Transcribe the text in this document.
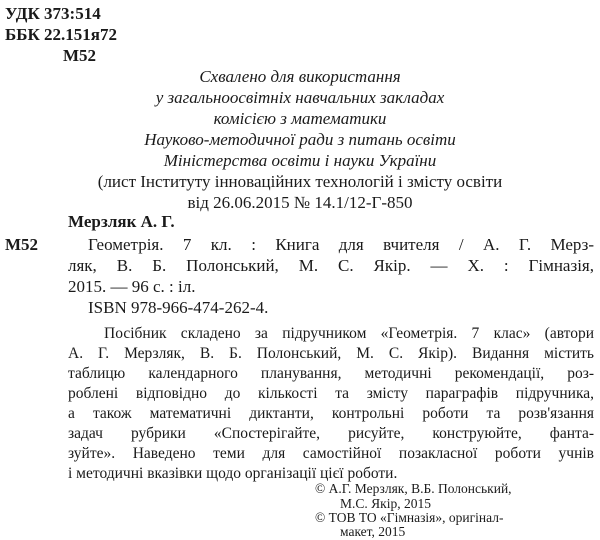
УДК 373:514
ББК 22.151я72
М52
Схвалено для використання
у загальноосвітніх навчальних закладах
комісією з математики
Науково-методичної ради з питань освіти
Міністерства освіти і науки України
(лист Інституту інноваційних технологій і змісту освіти
від 26.06.2015 № 14.1/12-Г-850
Мерзляк А. Г.
М52	Геометрія. 7 кл. : Книга для вчителя / А. Г. Мерз-
ляк, В. Б. Полонський, М. С. Якір. — Х. : Гімназія,
2015. — 96 с. : іл.
ISBN 978-966-474-262-4.
Посібник складено за підручником «Геометрія. 7 клас» (автори
А. Г. Мерзляк, В. Б. Полонський, М. С. Якір). Видання містить
таблицю календарного планування, методичні рекомендації, роз-
роблені відповідно до кількості та змісту параграфів підручника,
а також математичні диктанти, контрольні роботи та розв'язання
задач рубрики «Спостерігайте, рисуйте, конструюйте, фанта-
зуйте». Наведено теми для самостійної позакласної роботи учнів
і методичні вказівки щодо організації цієї роботи.
© А.Г. Мерзляк, В.Б. Полонський,
М.С. Якір, 2015
© ТОВ ТО «Гімназія», оригінал-
макет, 2015
